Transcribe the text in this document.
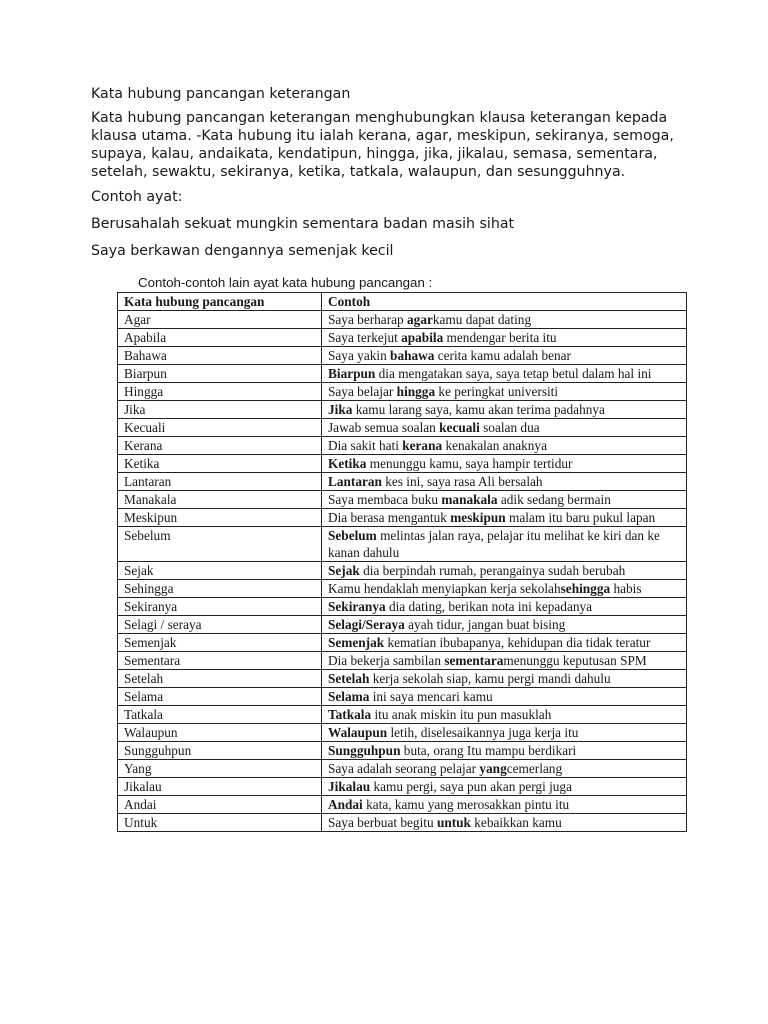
Kata hubung pancangan keterangan
Kata hubung pancangan keterangan menghubungkan klausa keterangan kepada
klausa utama. -Kata hubung itu ialah kerana, agar, meskipun, sekiranya, semoga,
supaya, kalau, andaikata, kendatipun, hingga, jika, jikalau, semasa, sementara,
setelah, sewaktu, sekiranya, ketika, tatkala, walaupun, dan sesungguhnya.
Contoh ayat:
Berusahalah sekuat mungkin sementara badan masih sihat
Saya berkawan dengannya semenjak kecil
Contoh-contoh lain ayat kata hubung pancangan :
Kata hubung pancangan	Contoh
Agar	Saya berharap agarkamu dapat dating
Apabila	Saya terkejut apabila mendengar berita itu
Bahawa	Saya yakin bahawa cerita kamu adalah benar
Biarpun	Biarpun dia mengatakan saya, saya tetap betul dalam hal ini
Hingga	Saya belajar hingga ke peringkat universiti
Jika	Jika kamu larang saya, kamu akan terima padahnya
Kecuali	Jawab semua soalan kecuali soalan dua
Kerana	Dia sakit hati kerana kenakalan anaknya
Ketika	Ketika menunggu kamu, saya hampir tertidur
Lantaran	Lantaran kes ini, saya rasa Ali bersalah
Manakala	Saya membaca buku manakala adik sedang bermain
Meskipun	Dia berasa mengantuk meskipun malam itu baru pukul lapan
Sebelum	Sebelum melintas jalan raya, pelajar itu melihat ke kiri dan ke kanan dahulu
Sejak	Sejak dia berpindah rumah, perangainya sudah berubah
Sehingga	Kamu hendaklah menyiapkan kerja sekolahsehingga habis
Sekiranya	Sekiranya dia dating, berikan nota ini kepadanya
Selagi / seraya	Selagi/Seraya ayah tidur, jangan buat bising
Semenjak	Semenjak kematian ibubapanya, kehidupan dia tidak teratur
Sementara	Dia bekerja sambilan sementaramenunggu keputusan SPM
Setelah	Setelah kerja sekolah siap, kamu pergi mandi dahulu
Selama	Selama ini saya mencari kamu
Tatkala	Tatkala itu anak miskin itu pun masuklah
Walaupun	Walaupun letih, diselesaikannya juga kerja itu
Sungguhpun	Sungguhpun buta, orang Itu mampu berdikari
Yang	Saya adalah seorang pelajar yangcemerlang
Jikalau	Jikalau kamu pergi, saya pun akan pergi juga
Andai	Andai kata, kamu yang merosakkan pintu itu
Untuk	Saya berbuat begitu untuk kebaikkan kamu
